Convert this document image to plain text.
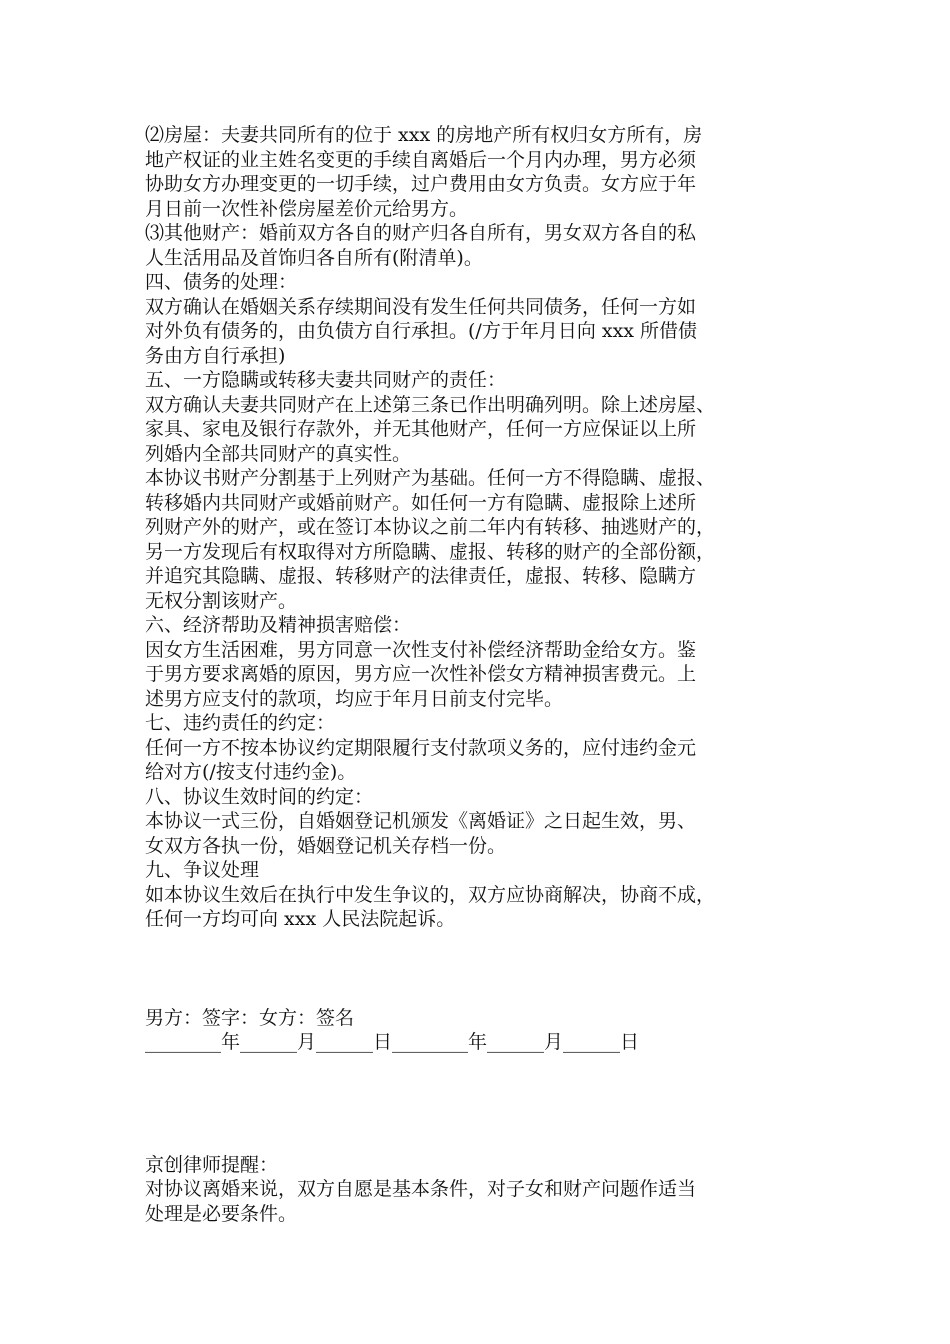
⑵房屋：夫妻共同所有的位于 xxx 的房地产所有权归女方所有，房
地产权证的业主姓名变更的手续自离婚后一个月内办理，男方必须
协助女方办理变更的一切手续，过户费用由女方负责。女方应于年
月日前一次性补偿房屋差价元给男方。
⑶其他财产：婚前双方各自的财产归各自所有，男女双方各自的私
人生活用品及首饰归各自所有(附清单)。
四、债务的处理：
双方确认在婚姻关系存续期间没有发生任何共同债务，任何一方如
对外负有债务的，由负债方自行承担。(/方于年月日向 xxx 所借债
务由方自行承担)
五、一方隐瞒或转移夫妻共同财产的责任：
双方确认夫妻共同财产在上述第三条已作出明确列明。除上述房屋、
家具、家电及银行存款外，并无其他财产，任何一方应保证以上所
列婚内全部共同财产的真实性。
本协议书财产分割基于上列财产为基础。任何一方不得隐瞒、虚报、
转移婚内共同财产或婚前财产。如任何一方有隐瞒、虚报除上述所
列财产外的财产，或在签订本协议之前二年内有转移、抽逃财产的，
另一方发现后有权取得对方所隐瞒、虚报、转移的财产的全部份额，
并追究其隐瞒、虚报、转移财产的法律责任，虚报、转移、隐瞒方
无权分割该财产。
六、经济帮助及精神损害赔偿：
因女方生活困难，男方同意一次性支付补偿经济帮助金给女方。鉴
于男方要求离婚的原因，男方应一次性补偿女方精神损害费元。上
述男方应支付的款项，均应于年月日前支付完毕。
七、违约责任的约定：
任何一方不按本协议约定期限履行支付款项义务的，应付违约金元
给对方(/按支付违约金)。
八、协议生效时间的约定：
本协议一式三份，自婚姻登记机颁发《离婚证》之日起生效，男、
女双方各执一份，婚姻登记机关存档一份。
九、争议处理
如本协议生效后在执行中发生争议的，双方应协商解决，协商不成，
任何一方均可向 xxx 人民法院起诉。
男方：签字：女方：签名
________年______月______日________年______月______日
京创律师提醒：
对协议离婚来说，双方自愿是基本条件，对子女和财产问题作适当
处理是必要条件。
